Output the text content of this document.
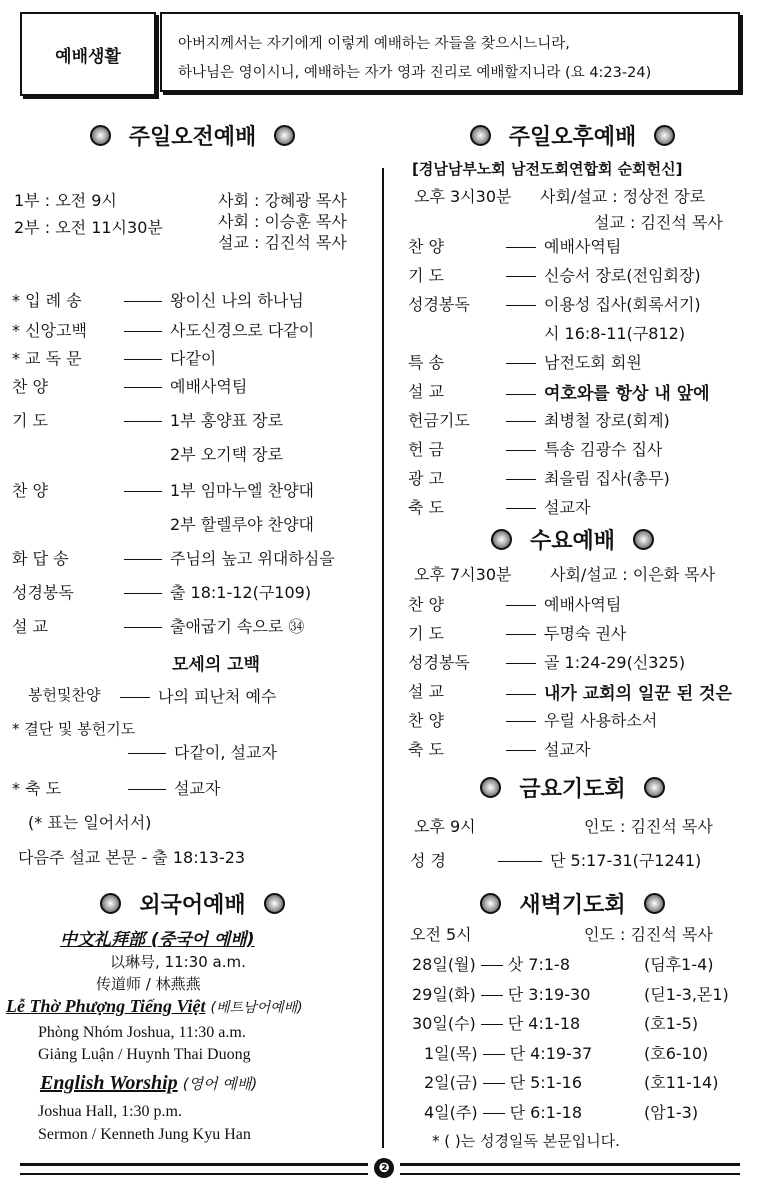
예배생활
아버지께서는 자기에게 이렇게 예배하는 자들을 찾으시느니라,
하나님은 영이시니, 예배하는 자가 영과 진리로 예배할지니라 (요 4:23-24)
주일오전예배
1부 : 오전 9시
2부 : 오전 11시30분
사회 : 강혜광 목사
사회 : 이승훈 목사
설교 : 김진석 목사
* 입 례 송	왕이신 나의 하나님
* 신앙고백	사도신경으로 다같이
* 교 독 문	다같이
찬 양	예배사역팀
기 도	1부 홍양표 장로
2부 오기택 장로
찬 양	1부 임마누엘 찬양대
2부 할렐루야 찬양대
화 답 송	주님의 높고 위대하심을
성경봉독	출 18:1-12(구109)
설 교	출애굽기 속으로 ㉞
모세의 고백
봉헌및찬양	나의 피난처 예수
* 결단 및 봉헌기도
다같이, 설교자
* 축 도	설교자
(* 표는 일어서서)
다음주 설교 본문 - 출 18:13-23
외국어예배
中文礼拜部 (중국어 예배)
以琳号, 11:30 a.m.
传道师 / 林燕燕
Lễ Thờ Phượng Tiếng Việt (베트남어예배)
Phòng Nhóm Joshua, 11:30 a.m.
Giảng Luận / Huynh Thai Duong
English Worship (영어 예배)
Joshua Hall, 1:30 p.m.
Sermon / Kenneth Jung Kyu Han
주일오후예배
[경남남부노회 남전도회연합회 순회헌신]
오후 3시30분 사회/설교 : 정상전 장로
설교 : 김진석 목사
찬 양	예배사역팀
기 도	신승서 장로(전임회장)
성경봉독	이용성 집사(회록서기)
시 16:8-11(구812)
특 송	남전도회 회원
설 교	여호와를 항상 내 앞에
헌금기도	최병철 장로(회계)
헌 금	특송 김광수 집사
광 고	최을림 집사(총무)
축 도	설교자
수요예배
오후 7시30분 사회/설교 : 이은화 목사
찬 양	예배사역팀
기 도	두명숙 권사
성경봉독	골 1:24-29(신325)
설 교	내가 교회의 일꾼 된 것은
찬 양	우릴 사용하소서
축 도	설교자
금요기도회
오후 9시	인도 : 김진석 목사
성 경	단 5:17-31(구1241)
새벽기도회
오전 5시	인도 : 김진석 목사
28일(월) 삿 7:1-8	(딤후1-4)
29일(화) 단 3:19-30	(딛1-3,몬1)
30일(수) 단 4:1-18	(호1-5)
1일(목) 단 4:19-37	(호6-10)
2일(금) 단 5:1-16	(호11-14)
4일(주) 단 6:1-18	(암1-3)
* ( )는 성경일독 본문입니다.
❷
